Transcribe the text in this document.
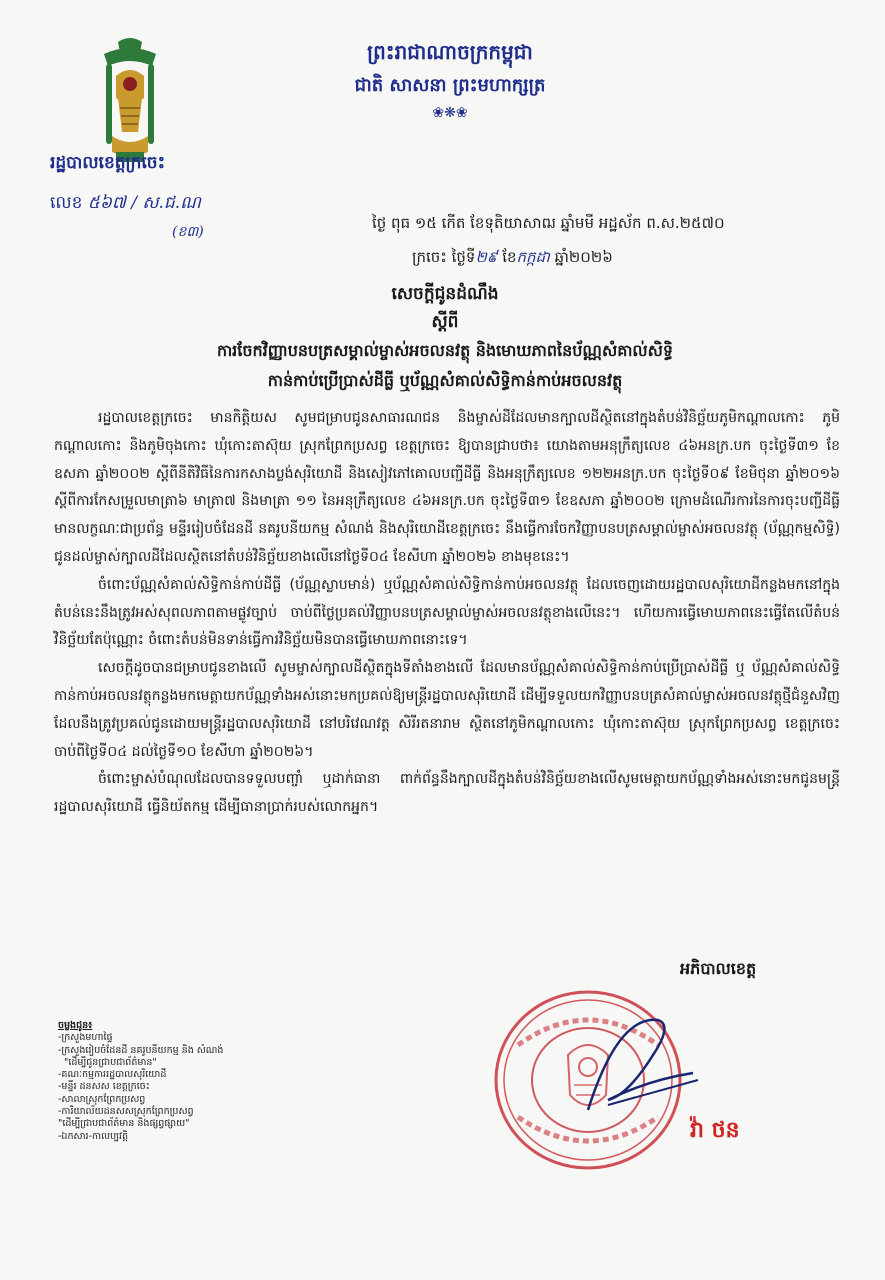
ព្រះរាជាណាចក្រកម្ពុជា
ជាតិ សាសនា ព្រះមហាក្សត្រ
❀❋❀
រដ្ឋបាលខេត្តក្រចេះ
លេខ ៥៦៧ / ស.ជ.ណ
(ខ៣)	ថ្ងៃ ពុធ ១៥ កើត ខែទុតិយាសាឍ ឆ្នាំមមី អដ្ឋស័ក ព.ស.២៥៧០
ក្រចេះ ថ្ងៃទី២៩ ខែកក្កដា ឆ្នាំ២០២៦
សេចក្តីជូនដំណឹង
ស្តីពី
ការចែកវិញ្ញាបនបត្រសម្គាល់ម្ចាស់អចលនវត្ថុ និងមោឃភាពនៃប័ណ្ណសំគាល់សិទ្ធិ
កាន់កាប់ប្រើប្រាស់ដីធ្លី ឬប័ណ្ណសំគាល់សិទ្ធិកាន់កាប់អចលនវត្ថុ

រដ្ឋបាលខេត្តក្រចេះ មានកិត្តិយស សូមជម្រាបជូនសាធារណជន និងម្ចាស់ដីដែលមានក្បាលដីស្ថិតនៅក្នុងតំបន់វិនិច្ឆ័យភូមិកណ្តាលកោះ ភូមិកណ្តាលកោះ និងភូមិចុងកោះ ឃុំកោះតាស៊ុយ ស្រុកព្រែកប្រសព្វ ខេត្តក្រចេះ ឱ្យបានជ្រាបថា៖ យោងតាមអនុក្រឹត្យលេខ ៤៦អនក្រ.បក ចុះថ្ងៃទី៣១ ខែឧសភា ឆ្នាំ២០០២ ស្តីពីនីតិវិធីនៃការកសាងប្លង់សុរិយោដី និងសៀវភៅគោលបញ្ជីដីធ្លី និងអនុក្រឹត្យលេខ ១២២អនក្រ.បក ចុះថ្ងៃទី០៩ ខែមិថុនា ឆ្នាំ២០១៦ ស្តីពីការកែសម្រួលមាត្រា៦ មាត្រា៧ និងមាត្រា ១១ នៃអនុក្រឹត្យលេខ ៤៦អនក្រ.បក ចុះថ្ងៃទី៣១ ខែឧសភា ឆ្នាំ២០០២ ក្រោមដំណើរការនៃការចុះបញ្ជីដីធ្លីមានលក្ខណៈជាប្រព័ន្ធ មន្ទីររៀបចំដែនដី នគរូបនីយកម្ម សំណង់ និងសុរិយោដីខេត្តក្រចេះ នឹងធ្វើការចែកវិញ្ញាបនបត្រសម្គាល់ម្ចាស់អចលនវត្ថុ (ប័ណ្ណកម្មសិទ្ធិ) ជូនដល់ម្ចាស់ក្បាលដីដែលស្ថិតនៅតំបន់វិនិច្ឆ័យខាងលើនៅថ្ងៃទី០៤ ខែសីហា ឆ្នាំ២០២៦ ខាងមុខនេះ។

ចំពោះប័ណ្ណសំគាល់សិទ្ធិកាន់កាប់ដីធ្លី (ប័ណ្ណស្លាបមាន់) ឬប័ណ្ណសំគាល់សិទ្ធិកាន់កាប់អចលនវត្ថុ ដែលចេញដោយរដ្ឋបាលសុរិយោដីកន្លងមកនៅក្នុងតំបន់នេះនឹងត្រូវអស់សុពលភាពតាមផ្លូវច្បាប់ ចាប់ពីថ្ងៃប្រគល់វិញ្ញាបនបត្រសម្គាល់ម្ចាស់អចលនវត្ថុខាងលើនេះ។ ហើយការធ្វើមោឃភាពនេះធ្វើតែលើតំបន់វិនិច្ឆ័យតែប៉ុណ្ណោះ ចំពោះតំបន់មិនទាន់ធ្វើការវិនិច្ឆ័យមិនបានធ្វើមោឃភាពនោះទេ។

សេចក្តីដូចបានជម្រាបជូនខាងលើ សូមម្ចាស់ក្បាលដីស្ថិតក្នុងទីតាំងខាងលើ ដែលមានប័ណ្ណសំគាល់សិទ្ធិកាន់កាប់ប្រើប្រាស់ដីធ្លី ឬ ប័ណ្ណសំគាល់សិទ្ធិកាន់កាប់អចលនវត្ថុកន្លងមកមេត្តាយកប័ណ្ណទាំងអស់នោះមកប្រគល់ឱ្យមន្ត្រីរដ្ឋបាលសុរិយោដី ដើម្បីទទួលយកវិញ្ញាបនបត្រសំគាល់ម្ចាស់អចលនវត្ថុថ្មីជំនួសវិញ ដែលនឹងត្រូវប្រគល់ជូនដោយមន្ត្រីរដ្ឋបាលសុរិយោដី នៅបរិវេណវត្ត សិរីរតនារាម ស្ថិតនៅភូមិកណ្តាលកោះ ឃុំកោះតាស៊ុយ ស្រុកព្រែកប្រសព្វ ខេត្តក្រចេះ ចាប់ពីថ្ងៃទី០៤ ដល់ថ្ងៃទី១០ ខែសីហា ឆ្នាំ២០២៦។

ចំពោះម្ចាស់បំណុលដែលបានទទួលបញ្ចាំ ឬដាក់ធានា ពាក់ព័ន្ធនឹងក្បាលដីក្នុងតំបន់វិនិច្ឆ័យខាងលើសូមមេត្តាយកប័ណ្ណទាំងអស់នោះមកជូនមន្ត្រីរដ្ឋបាលសុរិយោដី ធ្វើនិយ័តកម្ម ដើម្បីធានាប្រាក់របស់លោកអ្នក។

អភិបាលខេត្ត
ចម្លងជូន៖
-ក្រសួងមហាផ្ទៃ
-ក្រសួងរៀបចំដែនដី នគរូបនីយកម្ម និង សំណង់
"ដើម្បីជូនជ្រាបជាព័ត៌មាន"
-គណៈកម្មការរដ្ឋបាលសុរិយោដី
-មន្ទីរ ដនសស ខេត្តក្រចេះ
-សាលាស្រុកព្រែកប្រសព្វ
-ការិយាល័យដនសសស្រុកព្រែកប្រសព្វ
"ដើម្បីជ្រាបជាព័ត៌មាន និងផ្សព្វផ្សាយ"
-ឯកសារ-កាលប្បវត្តិ	វ៉ា ថន
